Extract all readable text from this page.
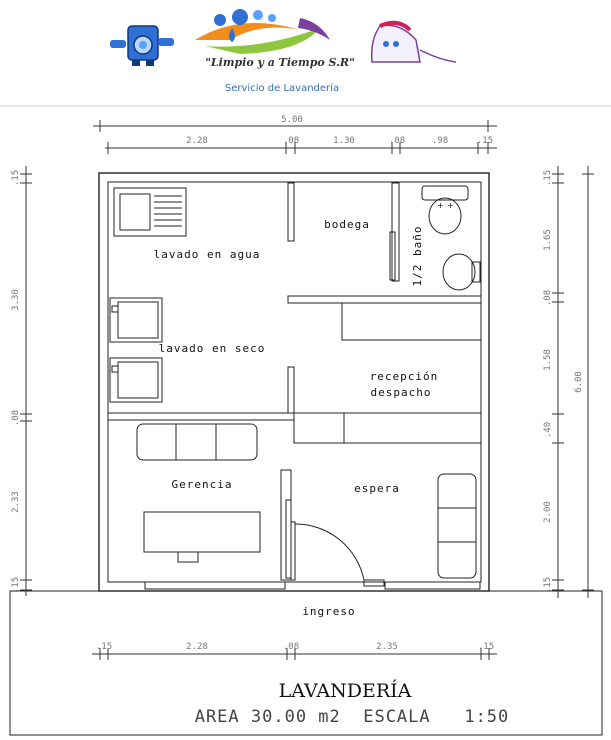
"Limpio y a Tiempo S.R"
Servicio de Lavandería
5.00
2.28	.08	1.30	.08	.98	.15
.15
3.30
.08
2.33
.15
.15
1.65
.08
1.58
.40
2.00
.15
6.00
+ +
bodega
1/2 baño
lavado en agua
lavado en seco
recepción
despacho
Gerencia	espera
ingreso
.15	2.28	.08	2.35	.15
LAVANDERÍA
AREA 30.00 m2  ESCALA   1:50
